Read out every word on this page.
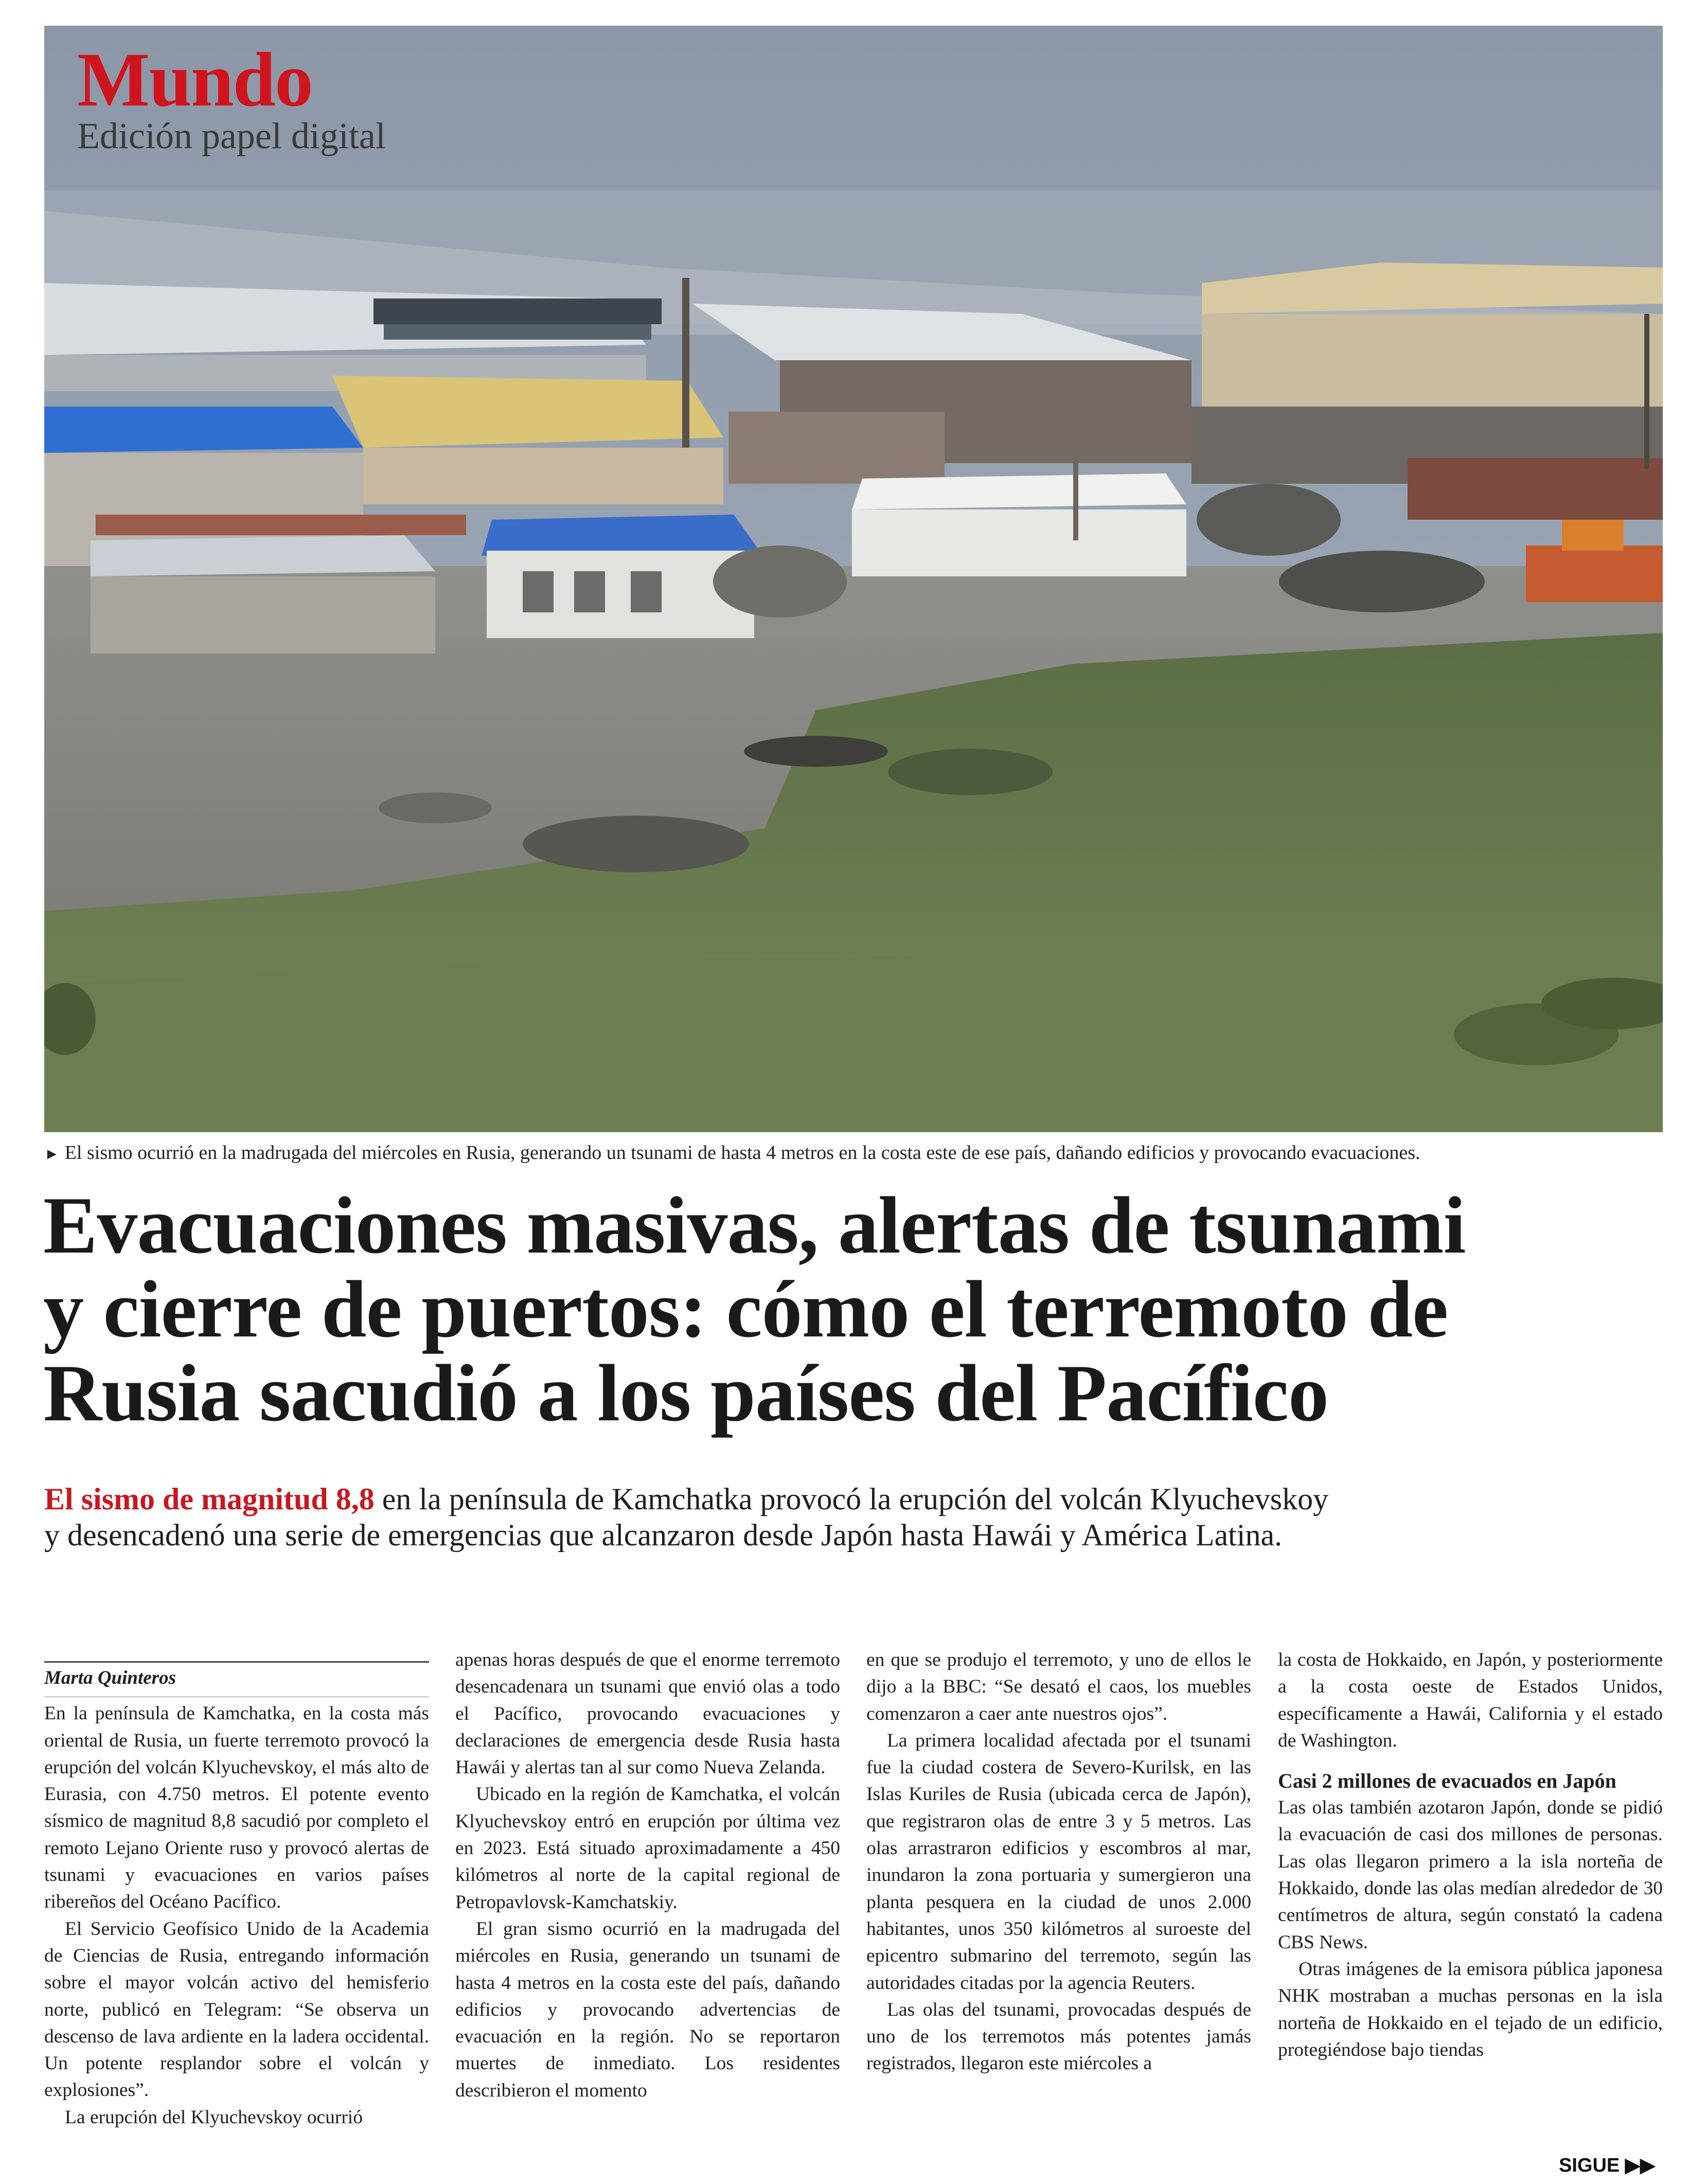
Mundo
Edición papel digital
► El sismo ocurrió en la madrugada del miércoles en Rusia, generando un tsunami de hasta 4 metros en la costa este de ese país, dañando edificios y provocando evacuaciones.
Evacuaciones masivas, alertas de tsunami
y cierre de puertos: cómo el terremoto de
Rusia sacudió a los países del Pacífico
El sismo de magnitud 8,8 en la península de Kamchatka provocó la erupción del volcán Klyuchevskoy
y desencadenó una serie de emergencias que alcanzaron desde Japón hasta Hawái y América Latina.
Marta Quinteros

En la península de Kamchatka, en la costa más oriental de Rusia, un fuerte terremoto provocó la erupción del volcán Klyuchevskoy, el más alto de Eurasia, con 4.750 metros. El potente evento sísmico de magnitud 8,8 sacudió por completo el remoto Lejano Oriente ruso y provocó alertas de tsunami y evacuaciones en varios países ribereños del Océano Pacífico.

El Servicio Geofísico Unido de la Academia de Ciencias de Rusia, entregando información sobre el mayor volcán activo del hemisferio norte, publicó en Telegram: “Se observa un descenso de lava ardiente en la ladera occidental. Un potente resplandor sobre el volcán y explosiones”.

La erupción del Klyuchevskoy ocurrió

apenas horas después de que el enorme terremoto desencadenara un tsunami que envió olas a todo el Pacífico, provocando evacuaciones y declaraciones de emergencia desde Rusia hasta Hawái y alertas tan al sur como Nueva Zelanda.

Ubicado en la región de Kamchatka, el volcán Klyuchevskoy entró en erupción por última vez en 2023. Está situado aproximadamente a 450 kilómetros al norte de la capital regional de Petropavlovsk-Kamchatskiy.

El gran sismo ocurrió en la madrugada del miércoles en Rusia, generando un tsunami de hasta 4 metros en la costa este del país, dañando edificios y provocando advertencias de evacuación en la región. No se reportaron muertes de inmediato. Los residentes describieron el momento

en que se produjo el terremoto, y uno de ellos le dijo a la BBC: “Se desató el caos, los muebles comenzaron a caer ante nuestros ojos”.

La primera localidad afectada por el tsunami fue la ciudad costera de Severo-Kurilsk, en las Islas Kuriles de Rusia (ubicada cerca de Japón), que registraron olas de entre 3 y 5 metros. Las olas arrastraron edificios y escombros al mar, inundaron la zona portuaria y sumergieron una planta pesquera en la ciudad de unos 2.000 habitantes, unos 350 kilómetros al suroeste del epicentro submarino del terremoto, según las autoridades citadas por la agencia Reuters.

Las olas del tsunami, provocadas después de uno de los terremotos más potentes jamás registrados, llegaron este miércoles a

la costa de Hokkaido, en Japón, y posteriormente a la costa oeste de Estados Unidos, específicamente a Hawái, California y el estado de Washington.

Casi 2 millones de evacuados en Japón

Las olas también azotaron Japón, donde se pidió la evacuación de casi dos millones de personas. Las olas llegaron primero a la isla norteña de Hokkaido, donde las olas medían alrededor de 30 centímetros de altura, según constató la cadena CBS News.

Otras imágenes de la emisora pública japonesa NHK mostraban a muchas personas en la isla norteña de Hokkaido en el tejado de un edificio, protegiéndose bajo tiendas

SIGUE ▶▶
